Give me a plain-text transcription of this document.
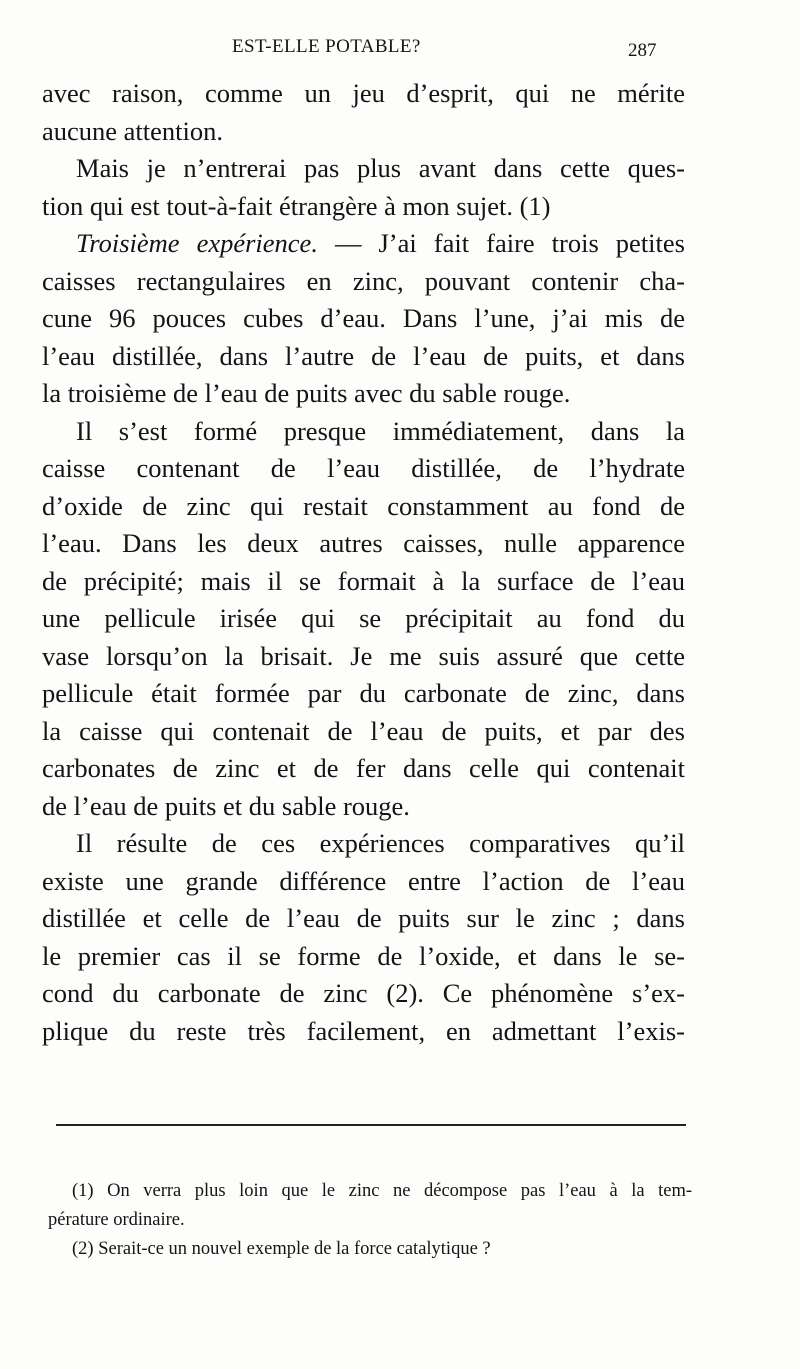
EST-ELLE POTABLE?	287
avec raison, comme un jeu d’esprit, qui ne mérite
aucune attention.
Mais je n’entrerai pas plus avant dans cette ques-
tion qui est tout-à-fait étrangère à mon sujet. (1)
Troisième expérience. — J’ai fait faire trois petites
caisses rectangulaires en zinc, pouvant contenir cha-
cune 96 pouces cubes d’eau. Dans l’une, j’ai mis de
l’eau distillée, dans l’autre de l’eau de puits, et dans
la troisième de l’eau de puits avec du sable rouge.
Il s’est formé presque immédiatement, dans la
caisse contenant de l’eau distillée, de l’hydrate
d’oxide de zinc qui restait constamment au fond de
l’eau. Dans les deux autres caisses, nulle apparence
de précipité; mais il se formait à la surface de l’eau
une pellicule irisée qui se précipitait au fond du
vase lorsqu’on la brisait. Je me suis assuré que cette
pellicule était formée par du carbonate de zinc, dans
la caisse qui contenait de l’eau de puits, et par des
carbonates de zinc et de fer dans celle qui contenait
de l’eau de puits et du sable rouge.
Il résulte de ces expériences comparatives qu’il
existe une grande différence entre l’action de l’eau
distillée et celle de l’eau de puits sur le zinc ; dans
le premier cas il se forme de l’oxide, et dans le se-
cond du carbonate de zinc (2). Ce phénomène s’ex-
plique du reste très facilement, en admettant l’exis-
(1) On verra plus loin que le zinc ne décompose pas l’eau à la tem-
pérature ordinaire.
(2) Serait-ce un nouvel exemple de la force catalytique ?
